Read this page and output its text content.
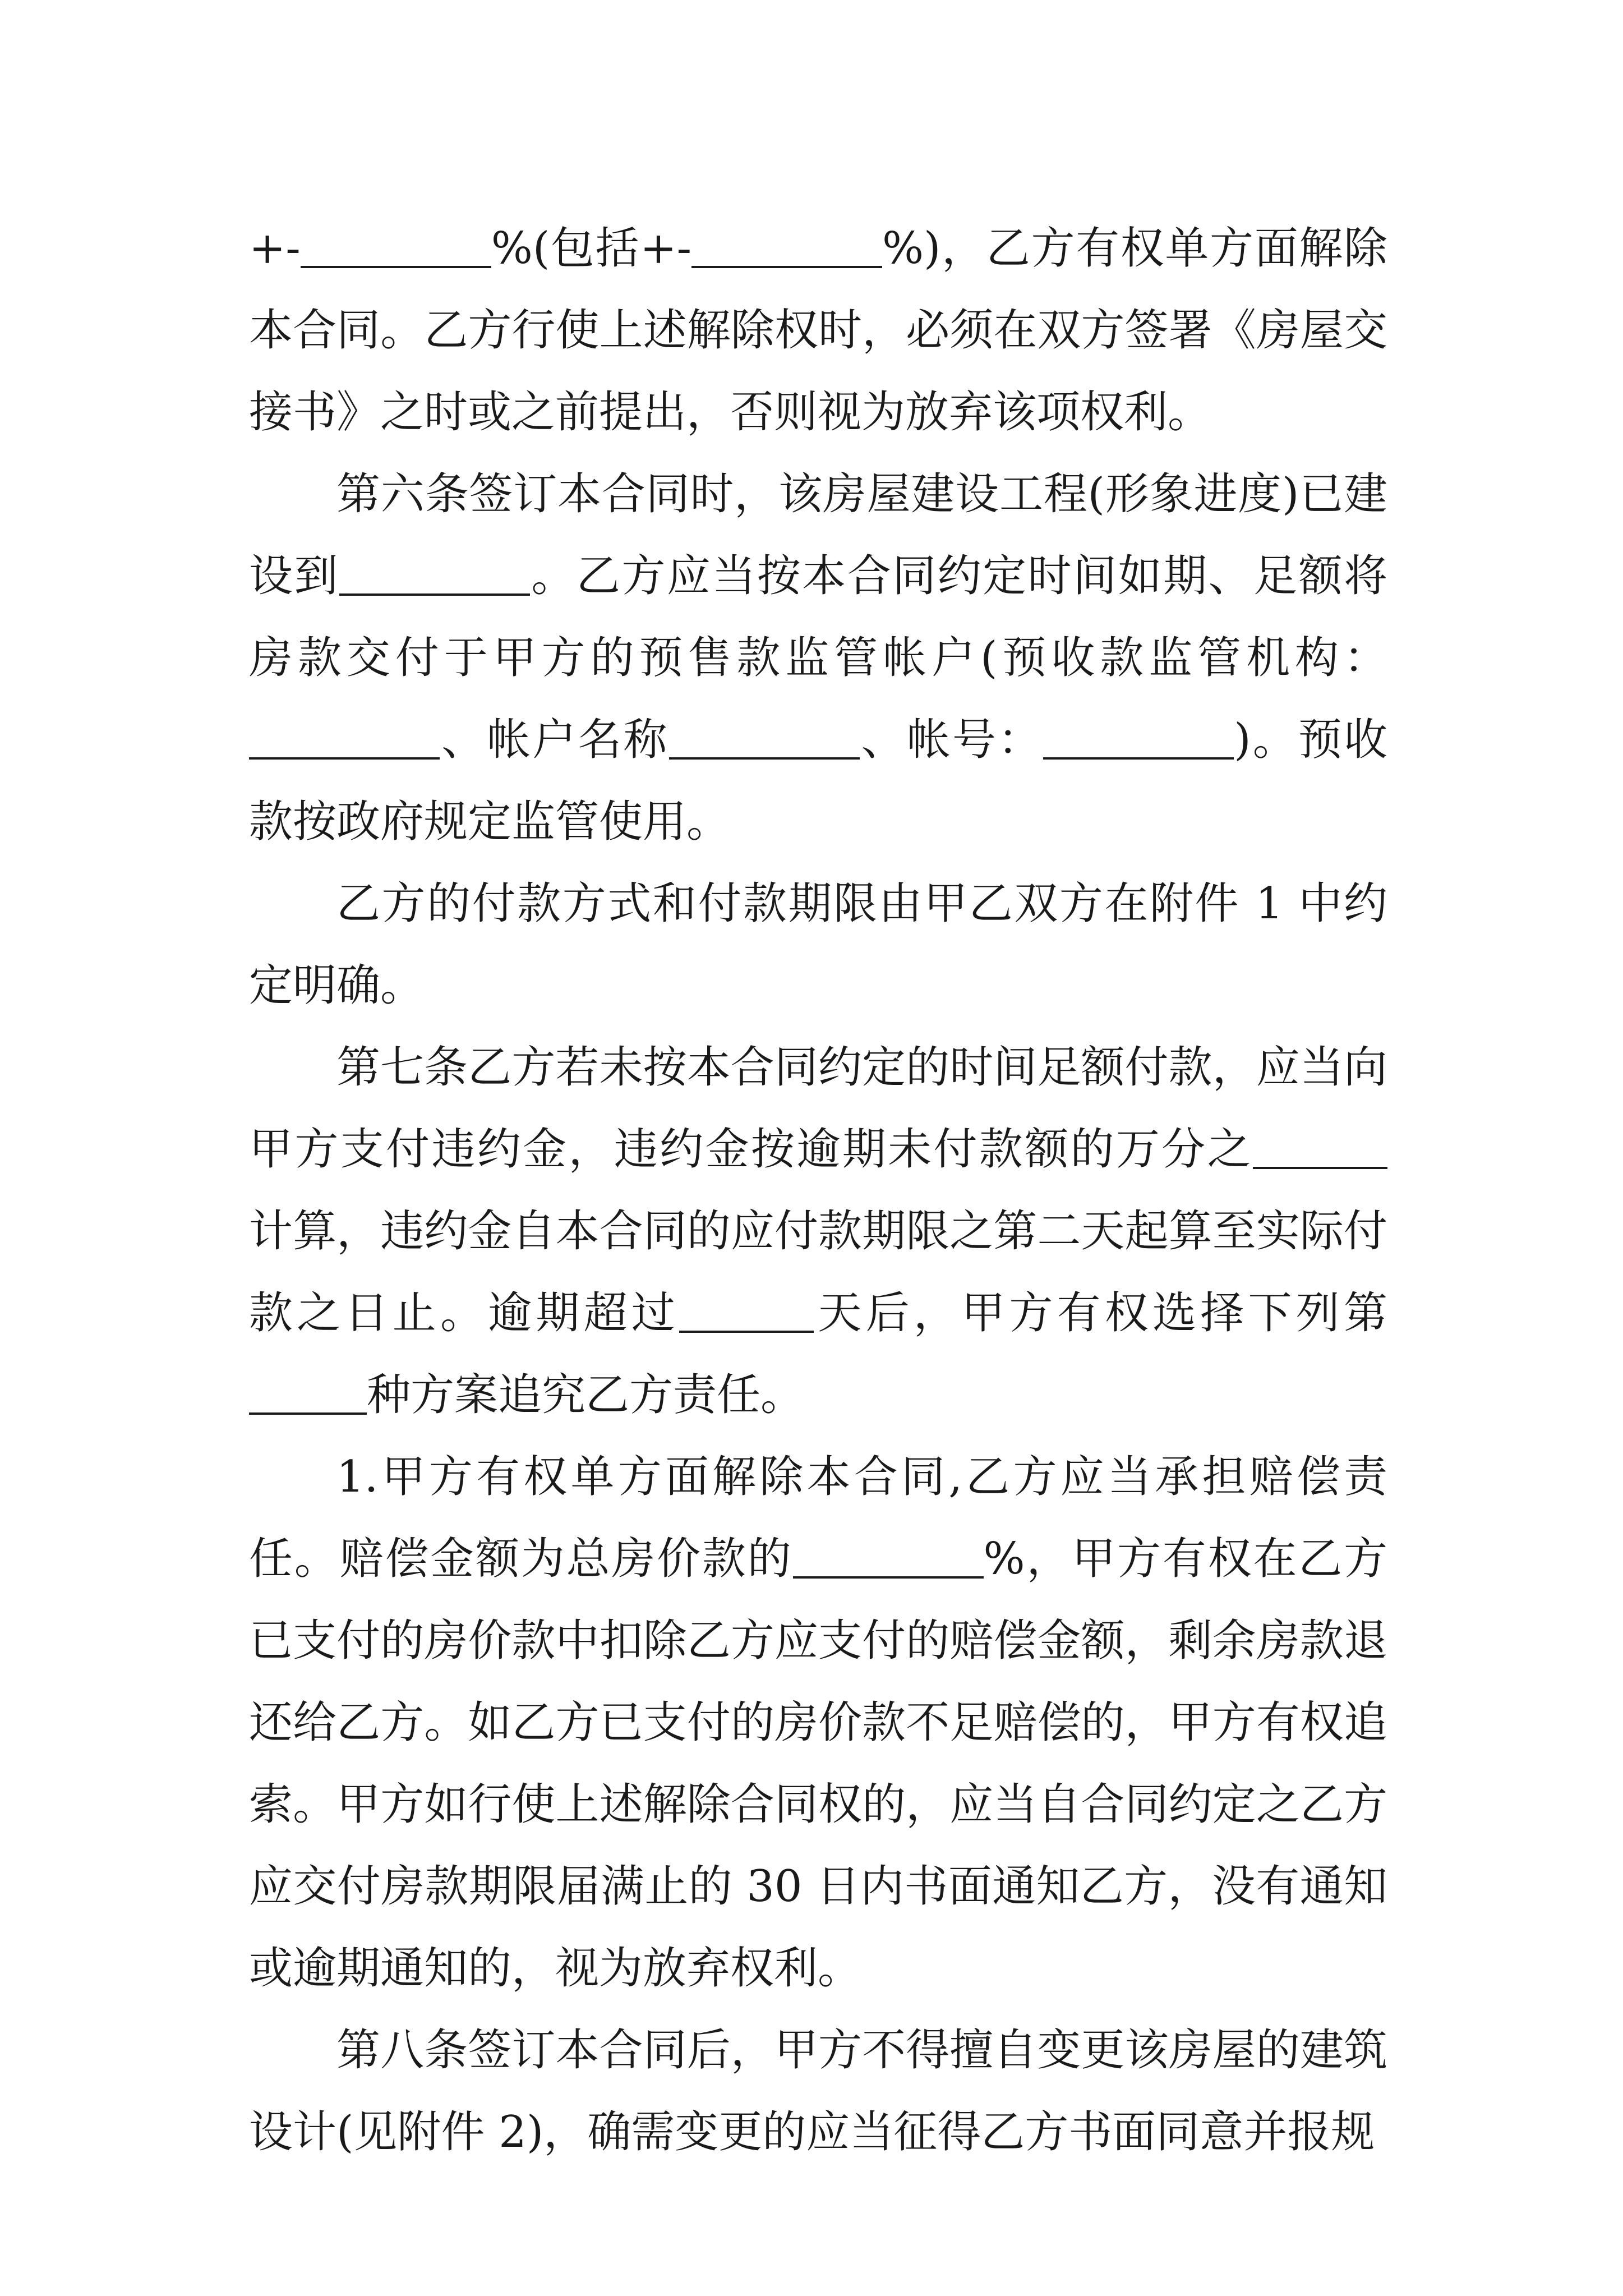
+-	%(包括+-	%)，乙方有权单方面解除本合同。乙方行使上述解除权时，必须在双方签署《房屋交接书》之时或之前提出，否则视为放弃该项权利。

第六条签订本合同时，该房屋建设工程(形象进度)已建设到	。乙方应当按本合同约定时间如期、足额将房款交付于甲方的预售款监管帐户(预收款监管机构：、帐户名称	、帐号：	)。预收款按政府规定监管使用。

乙方的付款方式和付款期限由甲乙双方在附件 1 中约定明确。

第七条乙方若未按本合同约定的时间足额付款，应当向甲方支付违约金，违约金按逾期未付款额的万分之计算，违约金自本合同的应付款期限之第二天起算至实际付款之日止。逾期超过	天后，甲方有权选择下列第种方案追究乙方责任。

1.甲方有权单方面解除本合同,乙方应当承担赔偿责任。赔偿金额为总房价款的	%，甲方有权在乙方已支付的房价款中扣除乙方应支付的赔偿金额，剩余房款退还给乙方。如乙方已支付的房价款不足赔偿的，甲方有权追索。甲方如行使上述解除合同权的，应当自合同约定之乙方应交付房款期限届满止的 30 日内书面通知乙方，没有通知或逾期通知的，视为放弃权利。

第八条签订本合同后，甲方不得擅自变更该房屋的建筑设计(见附件 2)，确需变更的应当征得乙方书面同意并报规
